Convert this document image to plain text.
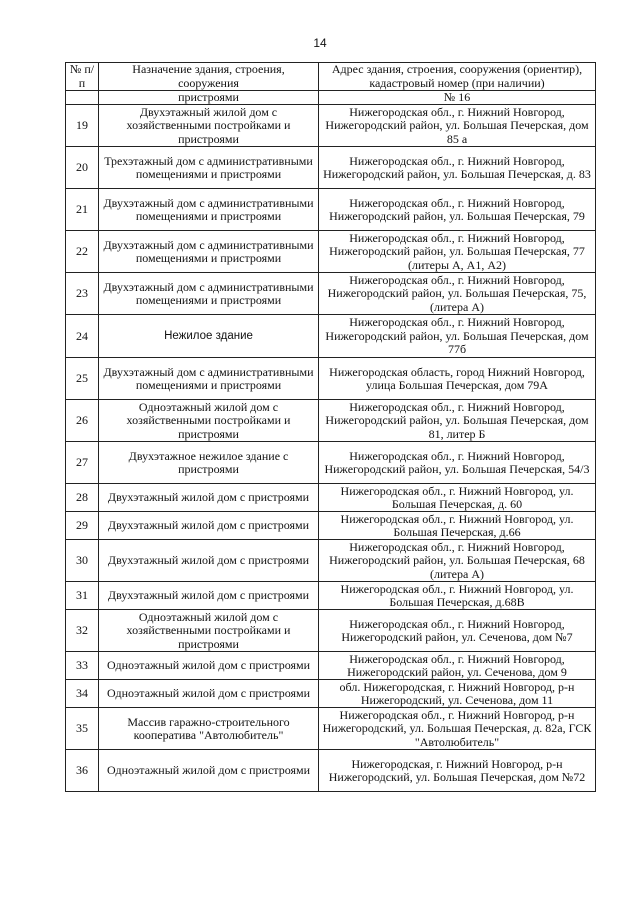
14
№ п/п	Назначение здания, строения, сооружения	Адрес здания, строения, сооружения (ориентир), кадастровый номер (при наличии)
	пристроями	№ 16
19	Двухэтажный жилой дом с хозяйственными постройками и пристроями	Нижегородская обл., г. Нижний Новгород, Нижегородский район, ул. Большая Печерская, дом 85 а
20	Трехэтажный дом с административными помещениями и пристроями	Нижегородская обл., г. Нижний Новгород, Нижегородский район, ул. Большая Печерская, д. 83
21	Двухэтажный дом с административными помещениями и пристроями	Нижегородская обл., г. Нижний Новгород, Нижегородский район, ул. Большая Печерская, 79
22	Двухэтажный дом с административными помещениями и пристроями	Нижегородская обл., г. Нижний Новгород, Нижегородский район, ул. Большая Печерская, 77 (литеры А, А1, А2)
23	Двухэтажный дом с административными помещениями и пристроями	Нижегородская обл., г. Нижний Новгород, Нижегородский район, ул. Большая Печерская, 75, (литера А)
24	Нежилое здание	Нижегородская обл., г. Нижний Новгород, Нижегородский район, ул. Большая Печерская, дом 77б
25	Двухэтажный дом с административными помещениями и пристроями	Нижегородская область, город Нижний Новгород, улица Большая Печерская, дом 79А
26	Одноэтажный жилой дом с хозяйственными постройками и пристроями	Нижегородская обл., г. Нижний Новгород, Нижегородский район, ул. Большая Печерская, дом 81, литер Б
27	Двухэтажное нежилое здание с пристроями	Нижегородская обл., г. Нижний Новгород, Нижегородский район, ул. Большая Печерская, 54/3
28	Двухэтажный жилой дом с пристроями	Нижегородская обл., г. Нижний Новгород, ул. Большая Печерская, д. 60
29	Двухэтажный жилой дом с пристроями	Нижегородская обл., г. Нижний Новгород, ул. Большая Печерская, д.66
30	Двухэтажный жилой дом с пристроями	Нижегородская обл., г. Нижний Новгород, Нижегородский район, ул. Большая Печерская, 68 (литера А)
31	Двухэтажный жилой дом с пристроями	Нижегородская обл., г. Нижний Новгород, ул. Большая Печерская, д.68В
32	Одноэтажный жилой дом с хозяйственными постройками и пристроями	Нижегородская обл., г. Нижний Новгород, Нижегородский район, ул. Сеченова, дом №7
33	Одноэтажный жилой дом с пристроями	Нижегородская обл., г. Нижний Новгород, Нижегородский район, ул. Сеченова, дом 9
34	Одноэтажный жилой дом с пристроями	обл. Нижегородская, г. Нижний Новгород, р-н Нижегородский, ул. Сеченова, дом 11
35	Массив гаражно-строительного кооператива "Автолюбитель"	Нижегородская обл., г. Нижний Новгород, р-н Нижегородский, ул. Большая Печерская, д. 82а, ГСК "Автолюбитель"
36	Одноэтажный жилой дом с пристроями	Нижегородская, г. Нижний Новгород, р-н Нижегородский, ул. Большая Печерская, дом №72
